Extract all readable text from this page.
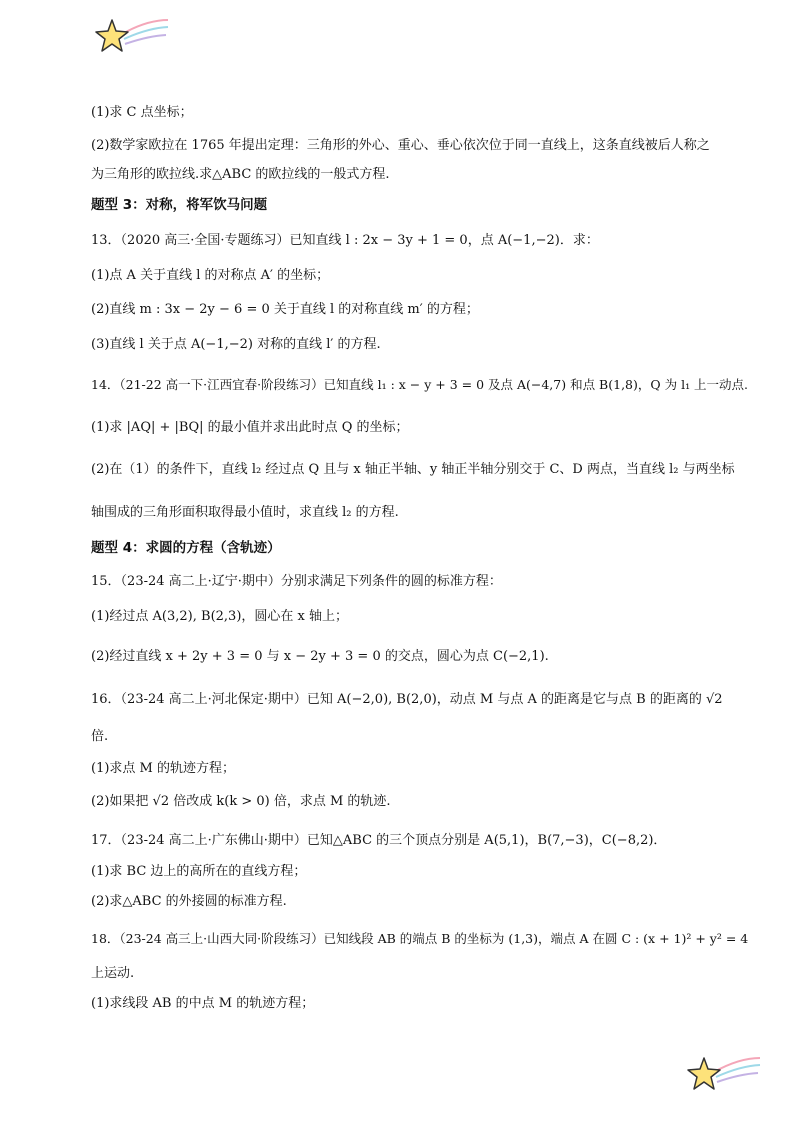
(1)求 C 点坐标；
(2)数学家欧拉在 1765 年提出定理：三角形的外心、重心、垂心依次位于同一直线上，这条直线被后人称之
为三角形的欧拉线.求△ABC 的欧拉线的一般式方程.
题型 3：对称，将军饮马问题
13．（2020 高三·全国·专题练习）已知直线 l : 2x − 3y + 1 = 0，点 A(−1,−2)．求：
(1)点 A 关于直线 l 的对称点 A′ 的坐标；
(2)直线 m : 3x − 2y − 6 = 0 关于直线 l 的对称直线 m′ 的方程；
(3)直线 l 关于点 A(−1,−2) 对称的直线 l′ 的方程.
14．（21-22 高一下·江西宜春·阶段练习）已知直线 l₁ : x − y + 3 = 0 及点 A(−4,7) 和点 B(1,8)，Q 为 l₁ 上一动点.
(1)求 |AQ| + |BQ| 的最小值并求出此时点 Q 的坐标；
(2)在（1）的条件下，直线 l₂ 经过点 Q 且与 x 轴正半轴、y 轴正半轴分别交于 C、D 两点，当直线 l₂ 与两坐标
轴围成的三角形面积取得最小值时，求直线 l₂ 的方程.
题型 4：求圆的方程（含轨迹）
15．（23-24 高二上·辽宁·期中）分别求满足下列条件的圆的标准方程：
(1)经过点 A(3,2), B(2,3)，圆心在 x 轴上；
(2)经过直线 x + 2y + 3 = 0 与 x − 2y + 3 = 0 的交点，圆心为点 C(−2,1).
16．（23-24 高二上·河北保定·期中）已知 A(−2,0), B(2,0)，动点 M 与点 A 的距离是它与点 B 的距离的 √2
倍.
(1)求点 M 的轨迹方程；
(2)如果把 √2 倍改成 k(k > 0) 倍，求点 M 的轨迹.
17．（23-24 高二上·广东佛山·期中）已知△ABC 的三个顶点分别是 A(5,1)，B(7,−3)，C(−8,2)．
(1)求 BC 边上的高所在的直线方程；
(2)求△ABC 的外接圆的标准方程.
18．（23-24 高三上·山西大同·阶段练习）已知线段 AB 的端点 B 的坐标为 (1,3)，端点 A 在圆 C : (x + 1)² + y² = 4
上运动.
(1)求线段 AB 的中点 M 的轨迹方程；
